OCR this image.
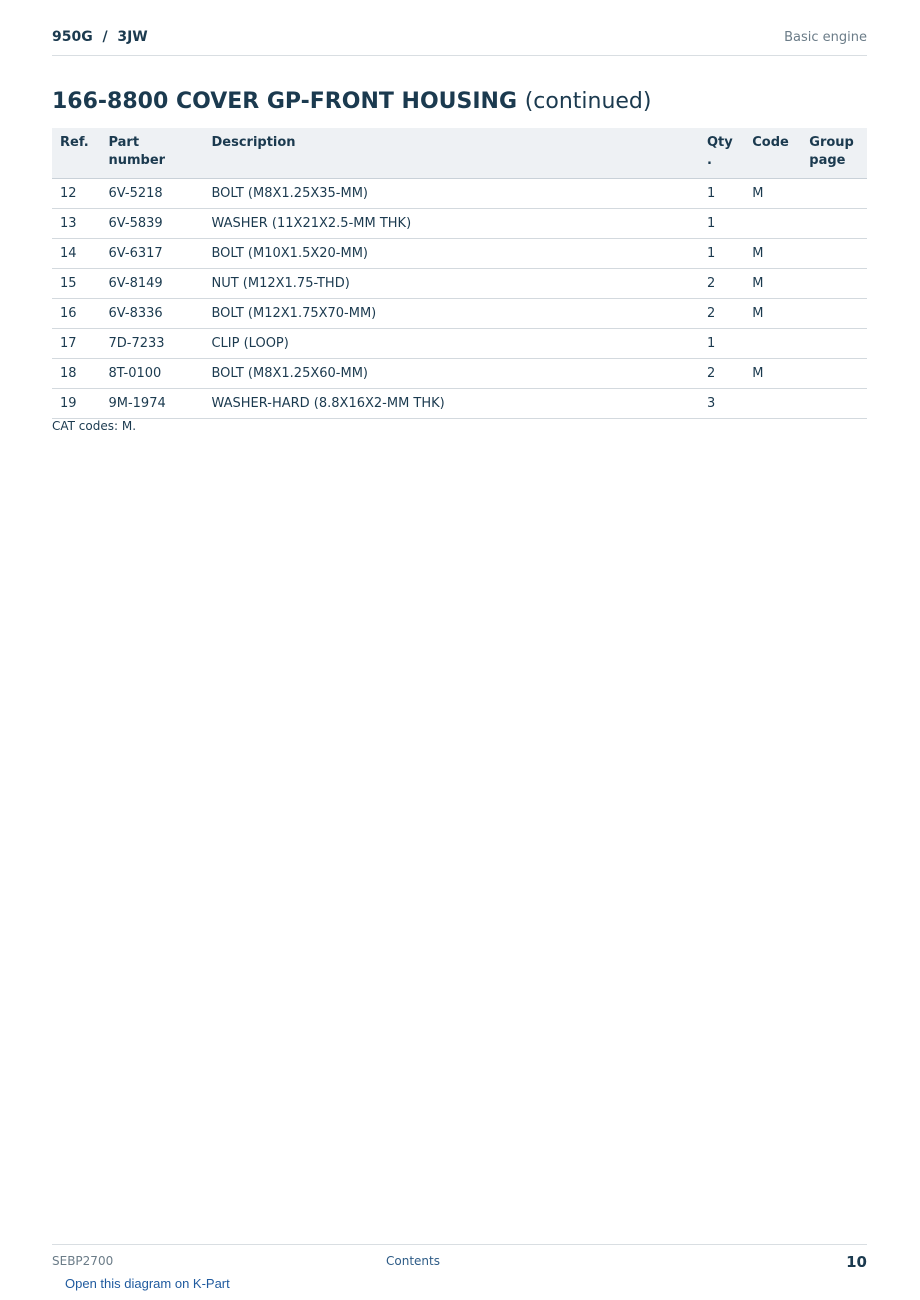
950G  /  3JW	Basic engine
166-8800 COVER GP-FRONT HOUSING (continued)
Ref.	Part number	Description	Qty .	Code	Group page
12	6V-5218	BOLT (M8X1.25X35-MM)	1	M	
13	6V-5839	WASHER (11X21X2.5-MM THK)	1		
14	6V-6317	BOLT (M10X1.5X20-MM)	1	M	
15	6V-8149	NUT (M12X1.75-THD)	2	M	
16	6V-8336	BOLT (M12X1.75X70-MM)	2	M	
17	7D-7233	CLIP (LOOP)	1		
18	8T-0100	BOLT (M8X1.25X60-MM)	2	M	
19	9M-1974	WASHER-HARD (8.8X16X2-MM THK)	3		
CAT codes: M.
SEBP2700	Contents	10
Open this diagram on K-Part
